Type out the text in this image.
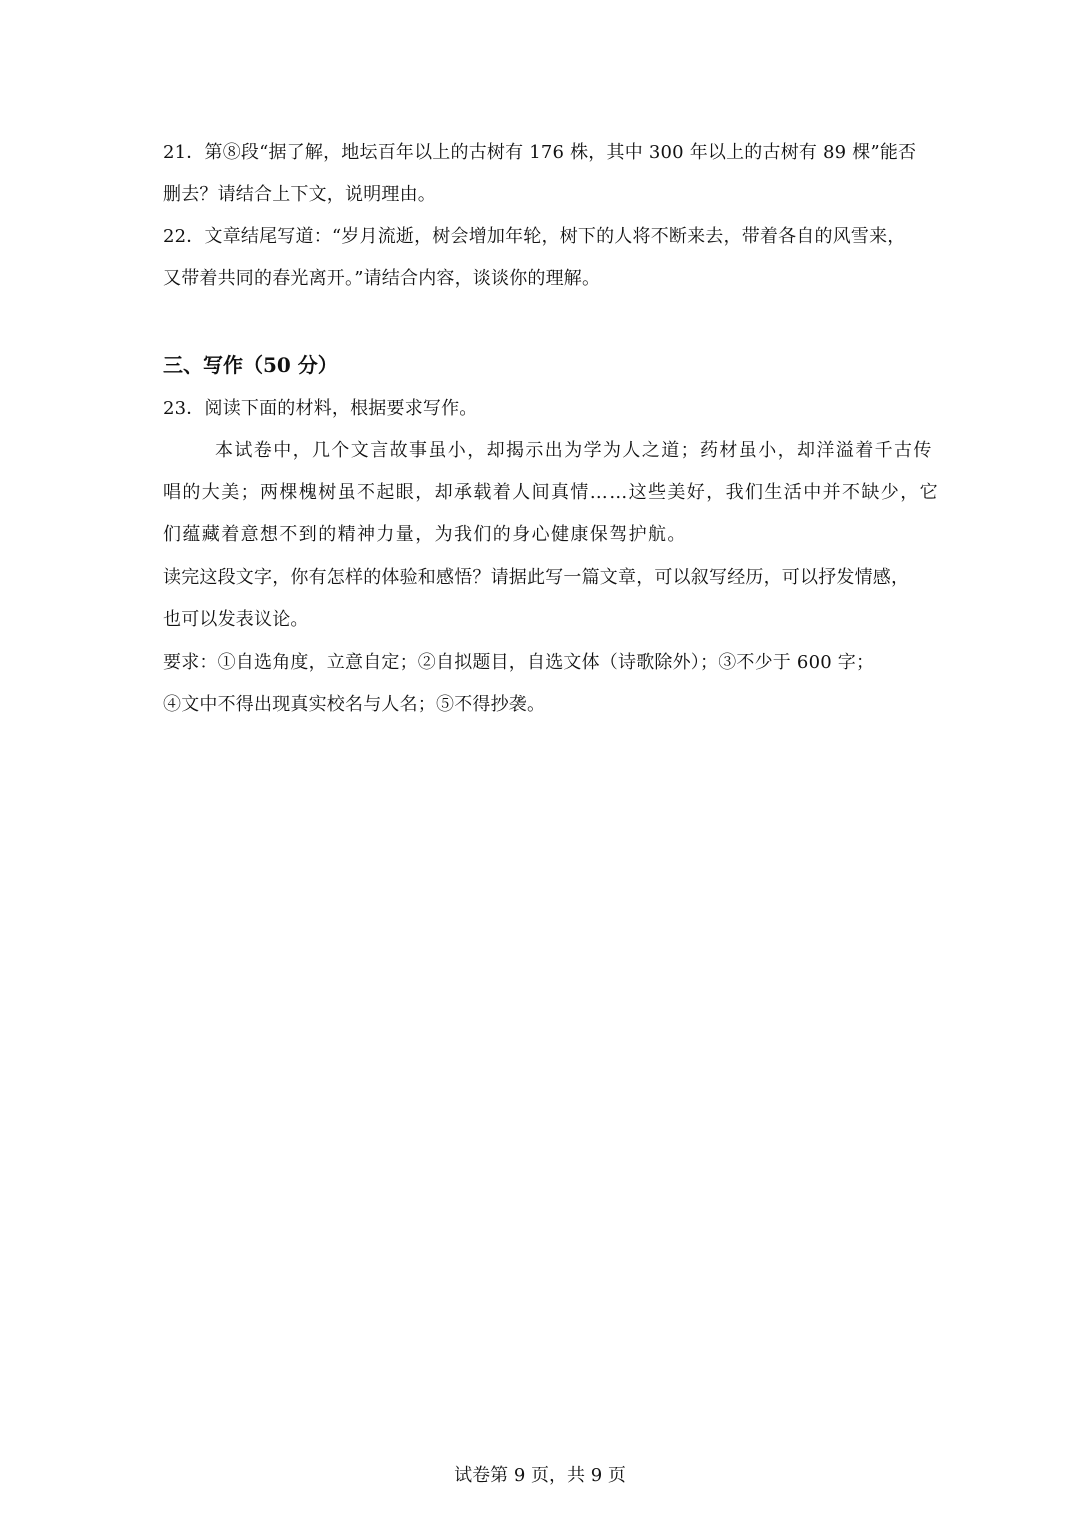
21．第⑧段“据了解，地坛百年以上的古树有 176 株，其中 300 年以上的古树有 89 棵”能否
删去？请结合上下文，说明理由。
22．文章结尾写道：“岁月流逝，树会增加年轮，树下的人将不断来去，带着各自的风雪来，
又带着共同的春光离开。”请结合内容，谈谈你的理解。
三、写作（50 分）
23．阅读下面的材料，根据要求写作。
本试卷中，几个文言故事虽小，却揭示出为学为人之道；药材虽小，却洋溢着千古传
唱的大美；两棵槐树虽不起眼，却承载着人间真情……这些美好，我们生活中并不缺少，它
们蕴藏着意想不到的精神力量，为我们的身心健康保驾护航。
读完这段文字，你有怎样的体验和感悟？请据此写一篇文章，可以叙写经历，可以抒发情感，
也可以发表议论。
要求：①自选角度，立意自定；②自拟题目，自选文体（诗歌除外）；③不少于 600 字；
④文中不得出现真实校名与人名；⑤不得抄袭。
试卷第 9 页，共 9 页
